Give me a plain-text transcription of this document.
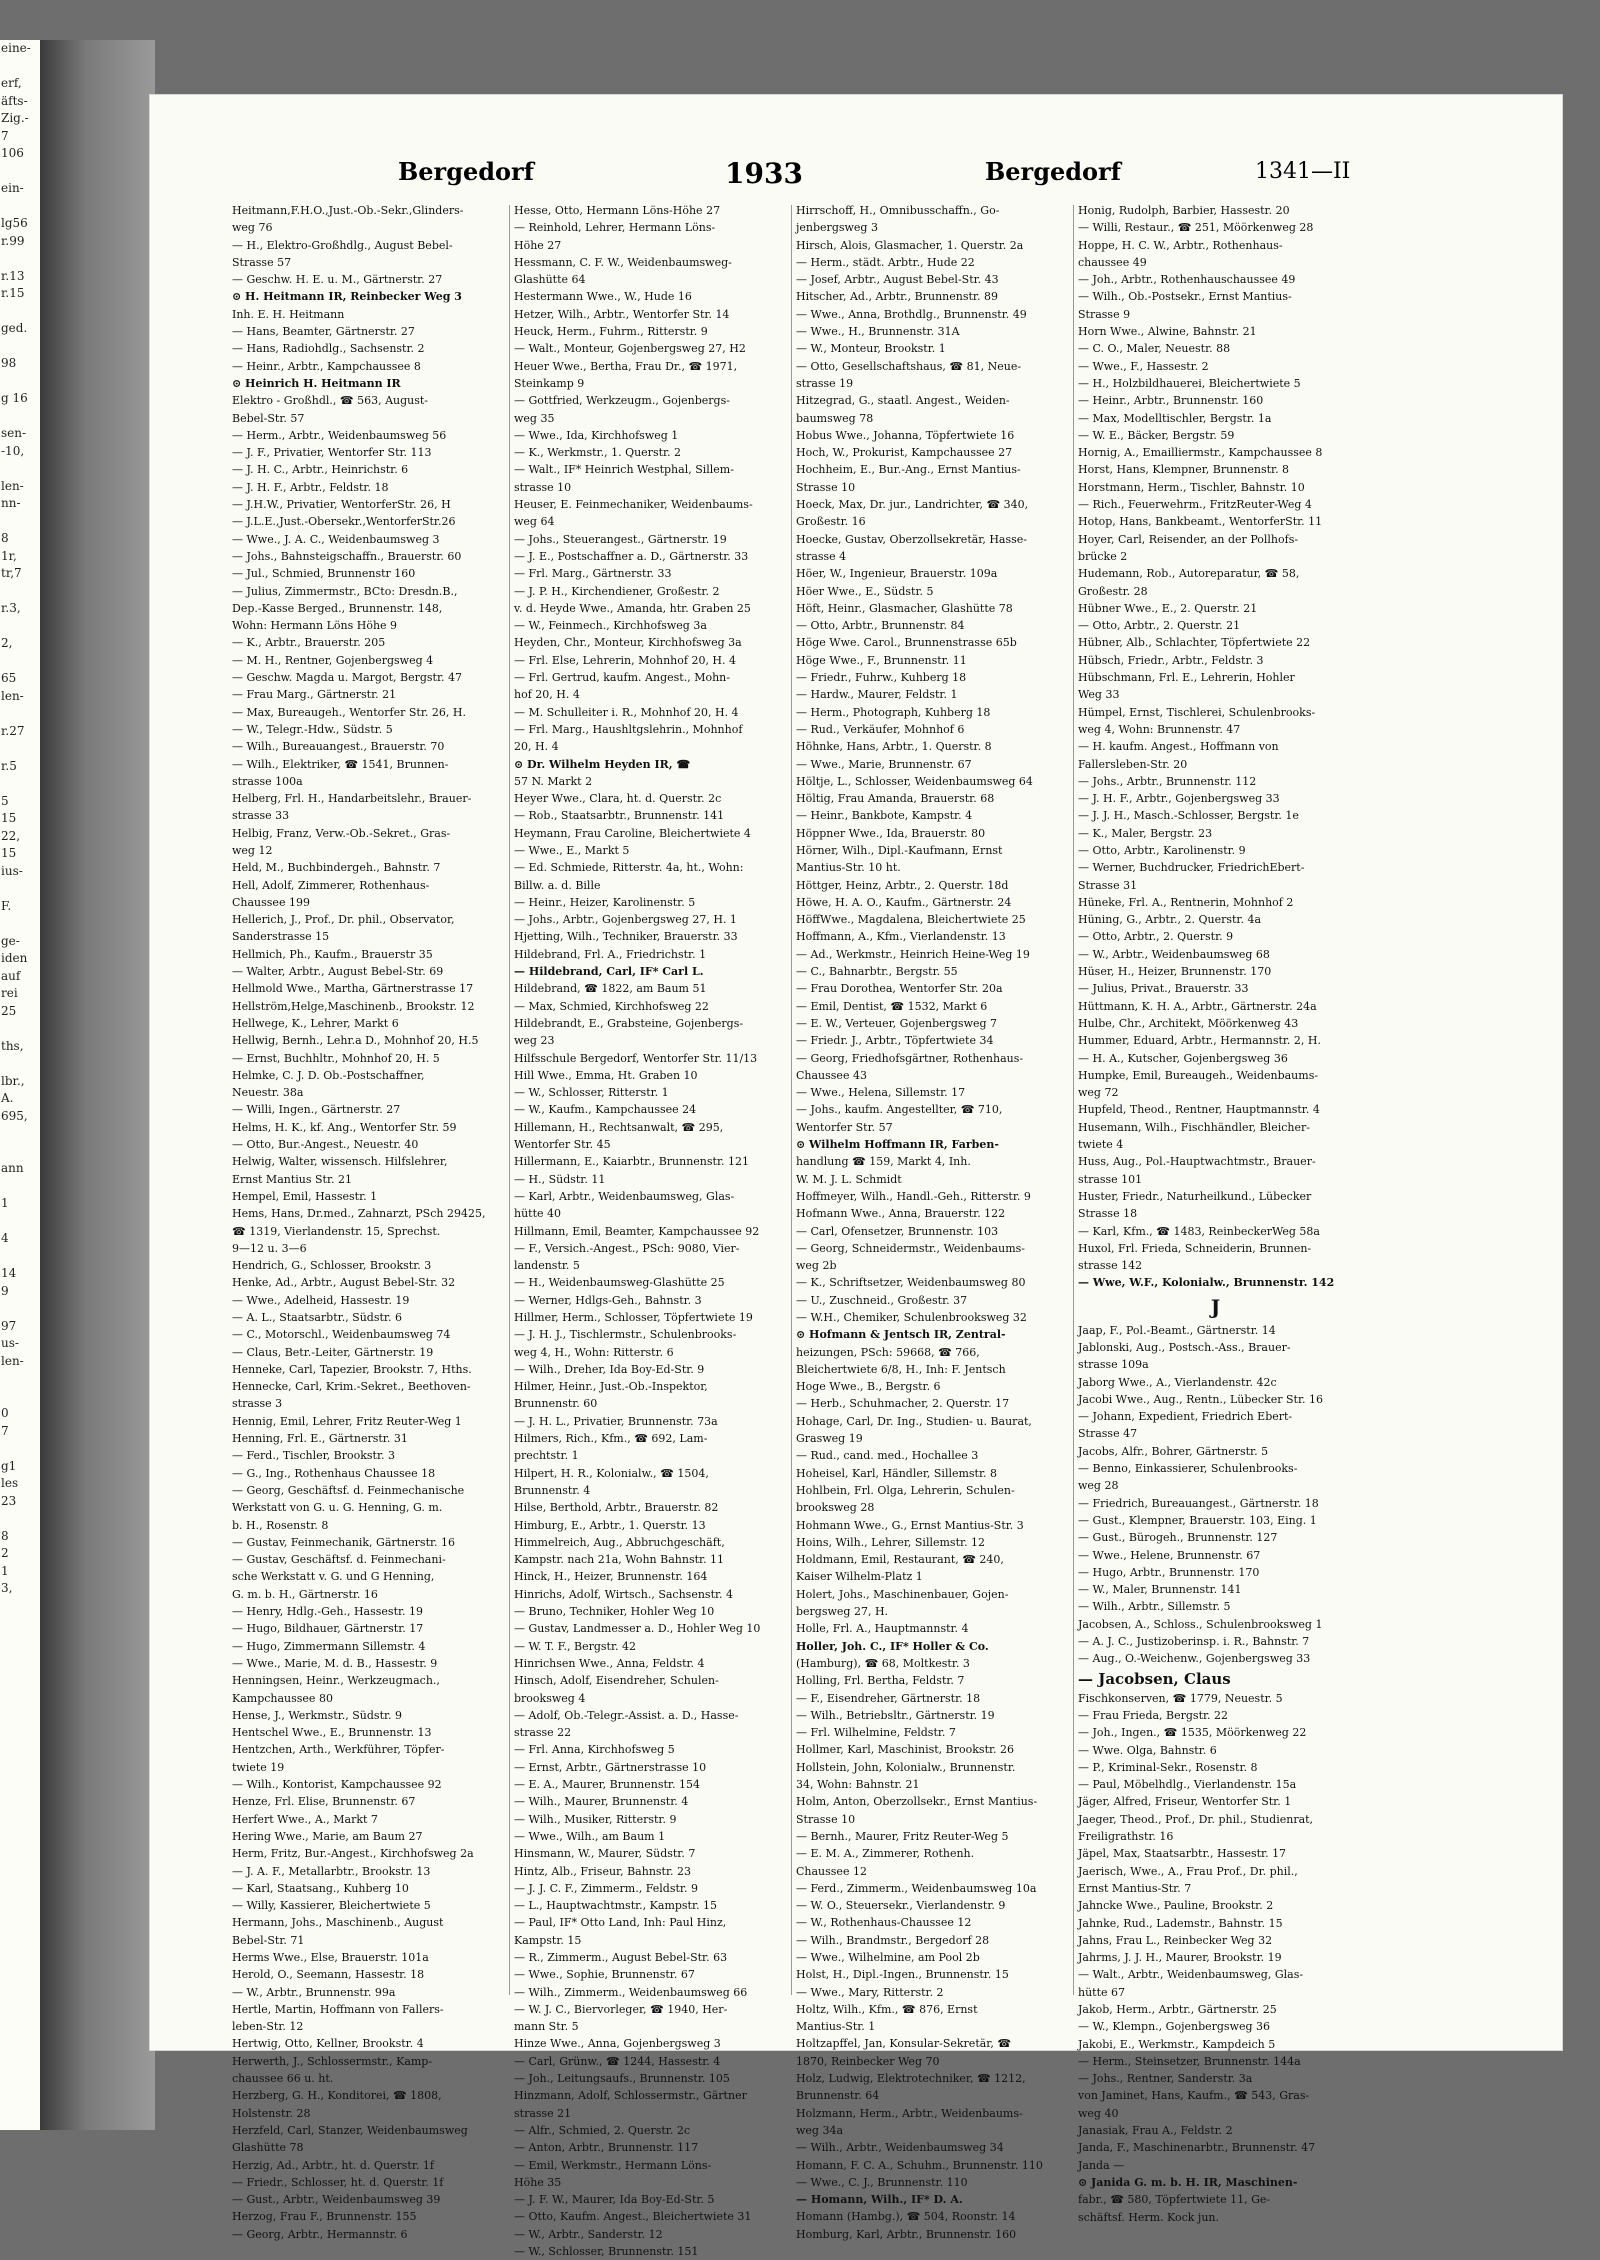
eine-

erf,
äfts-
Zig.-
7
106

ein-

lg56
r.99

r.13
r.15

ged.

98

g 16

sen-
-10,

len-
nn-

8
1r,
tr,7

r.3,

2,

65
len-

r.27

r.5

5
15
22,
15
ius-

F.

ge-
iden
auf
rei
25

ths,

lbr.,
A.
695,

ann

1

4

14
9

97
us-
len-

0
7

g1
les
23

8
2
1
3,
Bergedorf	1933	Bergedorf	1341—II
Heitmann,F.H.O.,Just.-Ob.-Sekr.,Glinders-
weg 76
— H., Elektro-Großhdlg., August Bebel-
Strasse 57
— Geschw. H. E. u. M., Gärtnerstr. 27
⊙ H. Heitmann IR, Reinbecker Weg 3
Inh. E. H. Heitmann
— Hans, Beamter, Gärtnerstr. 27
— Hans, Radiohdlg., Sachsenstr. 2
— Heinr., Arbtr., Kampchaussee 8
⊙ Heinrich H. Heitmann IR
Elektro - Großhdl., ☎ 563, August-
Bebel-Str. 57
— Herm., Arbtr., Weidenbaumsweg 56
— J. F., Privatier, Wentorfer Str. 113
— J. H. C., Arbtr., Heinrichstr. 6
— J. H. F., Arbtr., Feldstr. 18
— J.H.W., Privatier, WentorferStr. 26, H
— J.L.E.,Just.-Obersekr.,WentorferStr.26
— Wwe., J. A. C., Weidenbaumsweg 3
— Johs., Bahnsteigschaffn., Brauerstr. 60
— Jul., Schmied, Brunnenstr 160
— Julius, Zimmermstr., BCto: Dresdn.B.,
Dep.-Kasse Berged., Brunnenstr. 148,
Wohn: Hermann Löns Höhe 9
— K., Arbtr., Brauerstr. 205
— M. H., Rentner, Gojenbergsweg 4
— Geschw. Magda u. Margot, Bergstr. 47
— Frau Marg., Gärtnerstr. 21
— Max, Bureaugeh., Wentorfer Str. 26, H.
— W., Telegr.-Hdw., Südstr. 5
— Wilh., Bureauangest., Brauerstr. 70
— Wilh., Elektriker, ☎ 1541, Brunnen-
strasse 100a
Helberg, Frl. H., Handarbeitslehr., Brauer-
strasse 33
Helbig, Franz, Verw.-Ob.-Sekret., Gras-
weg 12
Held, M., Buchbindergeh., Bahnstr. 7
Hell, Adolf, Zimmerer, Rothenhaus-
Chaussee 199
Hellerich, J., Prof., Dr. phil., Observator,
Sanderstrasse 15
Hellmich, Ph., Kaufm., Brauerstr 35
— Walter, Arbtr., August Bebel-Str. 69
Hellmold Wwe., Martha, Gärtnerstrasse 17
Hellström,Helge,Maschinenb., Brookstr. 12
Hellwege, K., Lehrer, Markt 6
Hellwig, Bernh., Lehr.a D., Mohnhof 20, H.5
— Ernst, Buchhltr., Mohnhof 20, H. 5
Helmke, C. J. D. Ob.-Postschaffner,
Neuestr. 38a
— Willi, Ingen., Gärtnerstr. 27
Helms, H. K., kf. Ang., Wentorfer Str. 59
— Otto, Bur.-Angest., Neuestr. 40
Helwig, Walter, wissensch. Hilfslehrer,
Ernst Mantius Str. 21
Hempel, Emil, Hassestr. 1
Hems, Hans, Dr.med., Zahnarzt, PSch 29425,
☎ 1319, Vierlandenstr. 15, Sprechst.
9—12 u. 3—6
Hendrich, G., Schlosser, Brookstr. 3
Henke, Ad., Arbtr., August Bebel-Str. 32
— Wwe., Adelheid, Hassestr. 19
— A. L., Staatsarbtr., Südstr. 6
— C., Motorschl., Weidenbaumsweg 74
— Claus, Betr.-Leiter, Gärtnerstr. 19
Henneke, Carl, Tapezier, Brookstr. 7, Hths.
Hennecke, Carl, Krim.-Sekret., Beethoven-
strasse 3
Hennig, Emil, Lehrer, Fritz Reuter-Weg 1
Henning, Frl. E., Gärtnerstr. 31
— Ferd., Tischler, Brookstr. 3
— G., Ing., Rothenhaus Chaussee 18
— Georg, Geschäftsf. d. Feinmechanische
Werkstatt von G. u. G. Henning, G. m.
b. H., Rosenstr. 8
— Gustav, Feinmechanik, Gärtnerstr. 16
— Gustav, Geschäftsf. d. Feinmechani-
sche Werkstatt v. G. und G Henning,
G. m. b. H., Gärtnerstr. 16
— Henry, Hdlg.-Geh., Hassestr. 19
— Hugo, Bildhauer, Gärtnerstr. 17
— Hugo, Zimmermann Sillemstr. 4
— Wwe., Marie, M. d. B., Hassestr. 9
Henningsen, Heinr., Werkzeugmach.,
Kampchaussee 80
Hense, J., Werkmstr., Südstr. 9
Hentschel Wwe., E., Brunnenstr. 13
Hentzchen, Arth., Werkführer, Töpfer-
twiete 19
— Wilh., Kontorist, Kampchaussee 92
Henze, Frl. Elise, Brunnenstr. 67
Herfert Wwe., A., Markt 7
Hering Wwe., Marie, am Baum 27
Herm, Fritz, Bur.-Angest., Kirchhofsweg 2a
— J. A. F., Metallarbtr., Brookstr. 13
— Karl, Staatsang., Kuhberg 10
— Willy, Kassierer, Bleichertwiete 5
Hermann, Johs., Maschinenb., August
Bebel-Str. 71
Herms Wwe., Else, Brauerstr. 101a
Herold, O., Seemann, Hassestr. 18
— W., Arbtr., Brunnenstr. 99a
Hertle, Martin, Hoffmann von Fallers-
leben-Str. 12
Hertwig, Otto, Kellner, Brookstr. 4
Herwerth, J., Schlossermstr., Kamp-
chaussee 66 u. ht.
Herzberg, G. H., Konditorei, ☎ 1808,
Holstenstr. 28
Herzfeld, Carl, Stanzer, Weidenbaumsweg
Glashütte 78
Herzig, Ad., Arbtr., ht. d. Querstr. 1f
— Friedr., Schlosser, ht. d. Querstr. 1f
— Gust., Arbtr., Weidenbaumsweg 39
Herzog, Frau F., Brunnenstr. 155
— Georg, Arbtr., Hermannstr. 6
Hesse, Otto, Hermann Löns-Höhe 27
— Reinhold, Lehrer, Hermann Löns-
Höhe 27
Hessmann, C. F. W., Weidenbaumsweg-
Glashütte 64
Hestermann Wwe., W., Hude 16
Hetzer, Wilh., Arbtr., Wentorfer Str. 14
Heuck, Herm., Fuhrm., Ritterstr. 9
— Walt., Monteur, Gojenbergsweg 27, H2
Heuer Wwe., Bertha, Frau Dr., ☎ 1971,
Steinkamp 9
— Gottfried, Werkzeugm., Gojenbergs-
weg 35
— Wwe., Ida, Kirchhofsweg 1
— K., Werkmstr., 1. Querstr. 2
— Walt., IF* Heinrich Westphal, Sillem-
strasse 10
Heuser, E. Feinmechaniker, Weidenbaums-
weg 64
— Johs., Steuerangest., Gärtnerstr. 19
— J. E., Postschaffner a. D., Gärtnerstr. 33
— Frl. Marg., Gärtnerstr. 33
— J. P. H., Kirchendiener, Großestr. 2
v. d. Heyde Wwe., Amanda, htr. Graben 25
— W., Feinmech., Kirchhofsweg 3a
Heyden, Chr., Monteur, Kirchhofsweg 3a
— Frl. Else, Lehrerin, Mohnhof 20, H. 4
— Frl. Gertrud, kaufm. Angest., Mohn-
hof 20, H. 4
— M. Schulleiter i. R., Mohnhof 20, H. 4
— Frl. Marg., Haushltgslehrin., Mohnhof
20, H. 4
⊙ Dr. Wilhelm Heyden IR, ☎
57 N. Markt 2
Heyer Wwe., Clara, ht. d. Querstr. 2c
— Rob., Staatsarbtr., Brunnenstr. 141
Heymann, Frau Caroline, Bleichertwiete 4
— Wwe., E., Markt 5
— Ed. Schmiede, Ritterstr. 4a, ht., Wohn:
Billw. a. d. Bille
— Heinr., Heizer, Karolinenstr. 5
— Johs., Arbtr., Gojenbergsweg 27, H. 1
Hjetting, Wilh., Techniker, Brauerstr. 33
Hildebrand, Frl. A., Friedrichstr. 1
— Hildebrand, Carl, IF* Carl L.
Hildebrand, ☎ 1822, am Baum 51
— Max, Schmied, Kirchhofsweg 22
Hildebrandt, E., Grabsteine, Gojenbergs-
weg 23
Hilfsschule Bergedorf, Wentorfer Str. 11/13
Hill Wwe., Emma, Ht. Graben 10
— W., Schlosser, Ritterstr. 1
— W., Kaufm., Kampchaussee 24
Hillemann, H., Rechtsanwalt, ☎ 295,
Wentorfer Str. 45
Hillermann, E., Kaiarbtr., Brunnenstr. 121
— H., Südstr. 11
— Karl, Arbtr., Weidenbaumsweg, Glas-
hütte 40
Hillmann, Emil, Beamter, Kampchaussee 92
— F., Versich.-Angest., PSch: 9080, Vier-
landenstr. 5
— H., Weidenbaumsweg-Glashütte 25
— Werner, Hdlgs-Geh., Bahnstr. 3
Hillmer, Herm., Schlosser, Töpfertwiete 19
— J. H. J., Tischlermstr., Schulenbrooks-
weg 4, H., Wohn: Ritterstr. 6
— Wilh., Dreher, Ida Boy-Ed-Str. 9
Hilmer, Heinr., Just.-Ob.-Inspektor,
Brunnenstr. 60
— J. H. L., Privatier, Brunnenstr. 73a
Hilmers, Rich., Kfm., ☎ 692, Lam-
prechtstr. 1
Hilpert, H. R., Kolonialw., ☎ 1504,
Brunnenstr. 4
Hilse, Berthold, Arbtr., Brauerstr. 82
Himburg, E., Arbtr., 1. Querstr. 13
Himmelreich, Aug., Abbruchgeschäft,
Kampstr. nach 21a, Wohn Bahnstr. 11
Hinck, H., Heizer, Brunnenstr. 164
Hinrichs, Adolf, Wirtsch., Sachsenstr. 4
— Bruno, Techniker, Hohler Weg 10
— Gustav, Landmesser a. D., Hohler Weg 10
— W. T. F., Bergstr. 42
Hinrichsen Wwe., Anna, Feldstr. 4
Hinsch, Adolf, Eisendreher, Schulen-
brooksweg 4
— Adolf, Ob.-Telegr.-Assist. a. D., Hasse-
strasse 22
— Frl. Anna, Kirchhofsweg 5
— Ernst, Arbtr., Gärtnerstrasse 10
— E. A., Maurer, Brunnenstr. 154
— Wilh., Maurer, Brunnenstr. 4
— Wilh., Musiker, Ritterstr. 9
— Wwe., Wilh., am Baum 1
Hinsmann, W., Maurer, Südstr. 7
Hintz, Alb., Friseur, Bahnstr. 23
— J. J. C. F., Zimmerm., Feldstr. 9
— L., Hauptwachtmstr., Kampstr. 15
— Paul, IF* Otto Land, Inh: Paul Hinz,
Kampstr. 15
— R., Zimmerm., August Bebel-Str. 63
— Wwe., Sophie, Brunnenstr. 67
— Wilh., Zimmerm., Weidenbaumsweg 66
— W. J. C., Biervorleger, ☎ 1940, Her-
mann Str. 5
Hinze Wwe., Anna, Gojenbergsweg 3
— Carl, Grünw., ☎ 1244, Hassestr. 4
— Joh., Leitungsaufs., Brunnenstr. 105
Hinzmann, Adolf, Schlossermstr., Gärtner
strasse 21
— Alfr., Schmied, 2. Querstr. 2c
— Anton, Arbtr., Brunnenstr. 117
— Emil, Werkmstr., Hermann Löns-
Höhe 35
— J. F. W., Maurer, Ida Boy-Ed-Str. 5
— Otto, Kaufm. Angest., Bleichertwiete 31
— W., Arbtr., Sanderstr. 12
— W., Schlosser, Brunnenstr. 151
Hirrschoff, H., Omnibusschaffn., Go-
jenbergsweg 3
Hirsch, Alois, Glasmacher, 1. Querstr. 2a
— Herm., städt. Arbtr., Hude 22
— Josef, Arbtr., August Bebel-Str. 43
Hitscher, Ad., Arbtr., Brunnenstr. 89
— Wwe., Anna, Brothdlg., Brunnenstr. 49
— Wwe., H., Brunnenstr. 31A
— W., Monteur, Brookstr. 1
— Otto, Gesellschaftshaus, ☎ 81, Neue-
strasse 19
Hitzegrad, G., staatl. Angest., Weiden-
baumsweg 78
Hobus Wwe., Johanna, Töpfertwiete 16
Hoch, W., Prokurist, Kampchaussee 27
Hochheim, E., Bur.-Ang., Ernst Mantius-
Strasse 10
Hoeck, Max, Dr. jur., Landrichter, ☎ 340,
Großestr. 16
Hoecke, Gustav, Oberzollsekretär, Hasse-
strasse 4
Höer, W., Ingenieur, Brauerstr. 109a
Höer Wwe., E., Südstr. 5
Höft, Heinr., Glasmacher, Glashütte 78
— Otto, Arbtr., Brunnenstr. 84
Höge Wwe. Carol., Brunnenstrasse 65b
Höge Wwe., F., Brunnenstr. 11
— Friedr., Fuhrw., Kuhberg 18
— Hardw., Maurer, Feldstr. 1
— Herm., Photograph, Kuhberg 18
— Rud., Verkäufer, Mohnhof 6
Höhnke, Hans, Arbtr., 1. Querstr. 8
— Wwe., Marie, Brunnenstr. 67
Höltje, L., Schlosser, Weidenbaumsweg 64
Höltig, Frau Amanda, Brauerstr. 68
— Heinr., Bankbote, Kampstr. 4
Höppner Wwe., Ida, Brauerstr. 80
Hörner, Wilh., Dipl.-Kaufmann, Ernst
Mantius-Str. 10 ht.
Höttger, Heinz, Arbtr., 2. Querstr. 18d
Höwe, H. A. O., Kaufm., Gärtnerstr. 24
HöffWwe., Magdalena, Bleichertwiete 25
Hoffmann, A., Kfm., Vierlandenstr. 13
— Ad., Werkmstr., Heinrich Heine-Weg 19
— C., Bahnarbtr., Bergstr. 55
— Frau Dorothea, Wentorfer Str. 20a
— Emil, Dentist, ☎ 1532, Markt 6
— E. W., Verteuer, Gojenbergsweg 7
— Friedr. J., Arbtr., Töpfertwiete 34
— Georg, Friedhofsgärtner, Rothenhaus-
Chaussee 43
— Wwe., Helena, Sillemstr. 17
— Johs., kaufm. Angestellter, ☎ 710,
Wentorfer Str. 57
⊙ Wilhelm Hoffmann IR, Farben-
handlung ☎ 159, Markt 4, Inh.
W. M. J. L. Schmidt
Hoffmeyer, Wilh., Handl.-Geh., Ritterstr. 9
Hofmann Wwe., Anna, Brauerstr. 122
— Carl, Ofensetzer, Brunnenstr. 103
— Georg, Schneidermstr., Weidenbaums-
weg 2b
— K., Schriftsetzer, Weidenbaumsweg 80
— U., Zuschneid., Großestr. 37
— W.H., Chemiker, Schulenbrooksweg 32
⊙ Hofmann & Jentsch IR, Zentral-
heizungen, PSch: 59668, ☎ 766,
Bleichertwiete 6/8, H., Inh: F. Jentsch
Hoge Wwe., B., Bergstr. 6
— Herb., Schuhmacher, 2. Querstr. 17
Hohage, Carl, Dr. Ing., Studien- u. Baurat,
Grasweg 19
— Rud., cand. med., Hochallee 3
Hoheisel, Karl, Händler, Sillemstr. 8
Hohlbein, Frl. Olga, Lehrerin, Schulen-
brooksweg 28
Hohmann Wwe., G., Ernst Mantius-Str. 3
Hoins, Wilh., Lehrer, Sillemstr. 12
Holdmann, Emil, Restaurant, ☎ 240,
Kaiser Wilhelm-Platz 1
Holert, Johs., Maschinenbauer, Gojen-
bergsweg 27, H.
Holle, Frl. A., Hauptmannstr. 4
Holler, Joh. C., IF* Holler & Co.
(Hamburg), ☎ 68, Moltkestr. 3
Holling, Frl. Bertha, Feldstr. 7
— F., Eisendreher, Gärtnerstr. 18
— Wilh., Betriebsltr., Gärtnerstr. 19
— Frl. Wilhelmine, Feldstr. 7
Hollmer, Karl, Maschinist, Brookstr. 26
Hollstein, John, Kolonialw., Brunnenstr.
34, Wohn: Bahnstr. 21
Holm, Anton, Oberzollsekr., Ernst Mantius-
Strasse 10
— Bernh., Maurer, Fritz Reuter-Weg 5
— E. M. A., Zimmerer, Rothenh.
Chaussee 12
— Ferd., Zimmerm., Weidenbaumsweg 10a
— W. O., Steuersekr., Vierlandenstr. 9
— W., Rothenhaus-Chaussee 12
— Wilh., Brandmstr., Bergedorf 28
— Wwe., Wilhelmine, am Pool 2b
Holst, H., Dipl.-Ingen., Brunnenstr. 15
— Wwe., Mary, Ritterstr. 2
Holtz, Wilh., Kfm., ☎ 876, Ernst
Mantius-Str. 1
Holtzapffel, Jan, Konsular-Sekretär, ☎
1870, Reinbecker Weg 70
Holz, Ludwig, Elektrotechniker, ☎ 1212,
Brunnenstr. 64
Holzmann, Herm., Arbtr., Weidenbaums-
weg 34a
— Wilh., Arbtr., Weidenbaumsweg 34
Homann, F. C. A., Schuhm., Brunnenstr. 110
— Wwe., C. J., Brunnenstr. 110
— Homann, Wilh., IF* D. A.
Homann (Hambg.), ☎ 504, Roonstr. 14
Homburg, Karl, Arbtr., Brunnenstr. 160
Honig, Rudolph, Barbier, Hassestr. 20
— Willi, Restaur., ☎ 251, Möörkenweg 28
Hoppe, H. C. W., Arbtr., Rothenhaus-
chaussee 49
— Joh., Arbtr., Rothenhauschaussee 49
— Wilh., Ob.-Postsekr., Ernst Mantius-
Strasse 9
Horn Wwe., Alwine, Bahnstr. 21
— C. O., Maler, Neuestr. 88
— Wwe., F., Hassestr. 2
— H., Holzbildhauerei, Bleichertwiete 5
— Heinr., Arbtr., Brunnenstr. 160
— Max, Modelltischler, Bergstr. 1a
— W. E., Bäcker, Bergstr. 59
Hornig, A., Emailliermstr., Kampchaussee 8
Horst, Hans, Klempner, Brunnenstr. 8
Horstmann, Herm., Tischler, Bahnstr. 10
— Rich., Feuerwehrm., FritzReuter-Weg 4
Hotop, Hans, Bankbeamt., WentorferStr. 11
Hoyer, Carl, Reisender, an der Pollhofs-
brücke 2
Hudemann, Rob., Autoreparatur, ☎ 58,
Großestr. 28
Hübner Wwe., E., 2. Querstr. 21
— Otto, Arbtr., 2. Querstr. 21
Hübner, Alb., Schlachter, Töpfertwiete 22
Hübsch, Friedr., Arbtr., Feldstr. 3
Hübschmann, Frl. E., Lehrerin, Hohler
Weg 33
Hümpel, Ernst, Tischlerei, Schulenbrooks-
weg 4, Wohn: Brunnenstr. 47
— H. kaufm. Angest., Hoffmann von
Fallersleben-Str. 20
— Johs., Arbtr., Brunnenstr. 112
— J. H. F., Arbtr., Gojenbergsweg 33
— J. J. H., Masch.-Schlosser, Bergstr. 1e
— K., Maler, Bergstr. 23
— Otto, Arbtr., Karolinenstr. 9
— Werner, Buchdrucker, FriedrichEbert-
Strasse 31
Hüneke, Frl. A., Rentnerin, Mohnhof 2
Hüning, G., Arbtr., 2. Querstr. 4a
— Otto, Arbtr., 2. Querstr. 9
— W., Arbtr., Weidenbaumsweg 68
Hüser, H., Heizer, Brunnenstr. 170
— Julius, Privat., Brauerstr. 33
Hüttmann, K. H. A., Arbtr., Gärtnerstr. 24a
Hulbe, Chr., Architekt, Möörkenweg 43
Hummer, Eduard, Arbtr., Hermannstr. 2, H.
— H. A., Kutscher, Gojenbergsweg 36
Humpke, Emil, Bureaugeh., Weidenbaums-
weg 72
Hupfeld, Theod., Rentner, Hauptmannstr. 4
Husemann, Wilh., Fischhändler, Bleicher-
twiete 4
Huss, Aug., Pol.-Hauptwachtmstr., Brauer-
strasse 101
Huster, Friedr., Naturheilkund., Lübecker
Strasse 18
— Karl, Kfm., ☎ 1483, ReinbeckerWeg 58a
Huxol, Frl. Frieda, Schneiderin, Brunnen-
strasse 142
— Wwe, W.F., Kolonialw., Brunnenstr. 142
J
Jaap, F., Pol.-Beamt., Gärtnerstr. 14
Jablonski, Aug., Postsch.-Ass., Brauer-
strasse 109a
Jaborg Wwe., A., Vierlandenstr. 42c
Jacobi Wwe., Aug., Rentn., Lübecker Str. 16
— Johann, Expedient, Friedrich Ebert-
Strasse 47
Jacobs, Alfr., Bohrer, Gärtnerstr. 5
— Benno, Einkassierer, Schulenbrooks-
weg 28
— Friedrich, Bureauangest., Gärtnerstr. 18
— Gust., Klempner, Brauerstr. 103, Eing. 1
— Gust., Bürogeh., Brunnenstr. 127
— Wwe., Helene, Brunnenstr. 67
— Hugo, Arbtr., Brunnenstr. 170
— W., Maler, Brunnenstr. 141
— Wilh., Arbtr., Sillemstr. 5
Jacobsen, A., Schloss., Schulenbrooksweg 1
— A. J. C., Justizoberinsp. i. R., Bahnstr. 7
— Aug., O.-Weichenw., Gojenbergsweg 33
— Jacobsen, Claus
Fischkonserven, ☎ 1779, Neuestr. 5
— Frau Frieda, Bergstr. 22
— Joh., Ingen., ☎ 1535, Möörkenweg 22
— Wwe. Olga, Bahnstr. 6
— P., Kriminal-Sekr., Rosenstr. 8
— Paul, Möbelhdlg., Vierlandenstr. 15a
Jäger, Alfred, Friseur, Wentorfer Str. 1
Jaeger, Theod., Prof., Dr. phil., Studienrat,
Freiligrathstr. 16
Jäpel, Max, Staatsarbtr., Hassestr. 17
Jaerisch, Wwe., A., Frau Prof., Dr. phil.,
Ernst Mantius-Str. 7
Jahncke Wwe., Pauline, Brookstr. 2
Jahnke, Rud., Lademstr., Bahnstr. 15
Jahns, Frau L., Reinbecker Weg 32
Jahrms, J. J. H., Maurer, Brookstr. 19
— Walt., Arbtr., Weidenbaumsweg, Glas-
hütte 67
Jakob, Herm., Arbtr., Gärtnerstr. 25
— W., Klempn., Gojenbergsweg 36
Jakobi, E., Werkmstr., Kampdeich 5
— Herm., Steinsetzer, Brunnenstr. 144a
— Johs., Rentner, Sanderstr. 3a
von Jaminet, Hans, Kaufm., ☎ 543, Gras-
weg 40
Janasiak, Frau A., Feldstr. 2
Janda, F., Maschinenarbtr., Brunnenstr. 47
Janda —
⊙ Janida G. m. b. H. IR, Maschinen-
fabr., ☎ 580, Töpfertwiete 11, Ge-
schäftsf. Herm. Kock jun.
